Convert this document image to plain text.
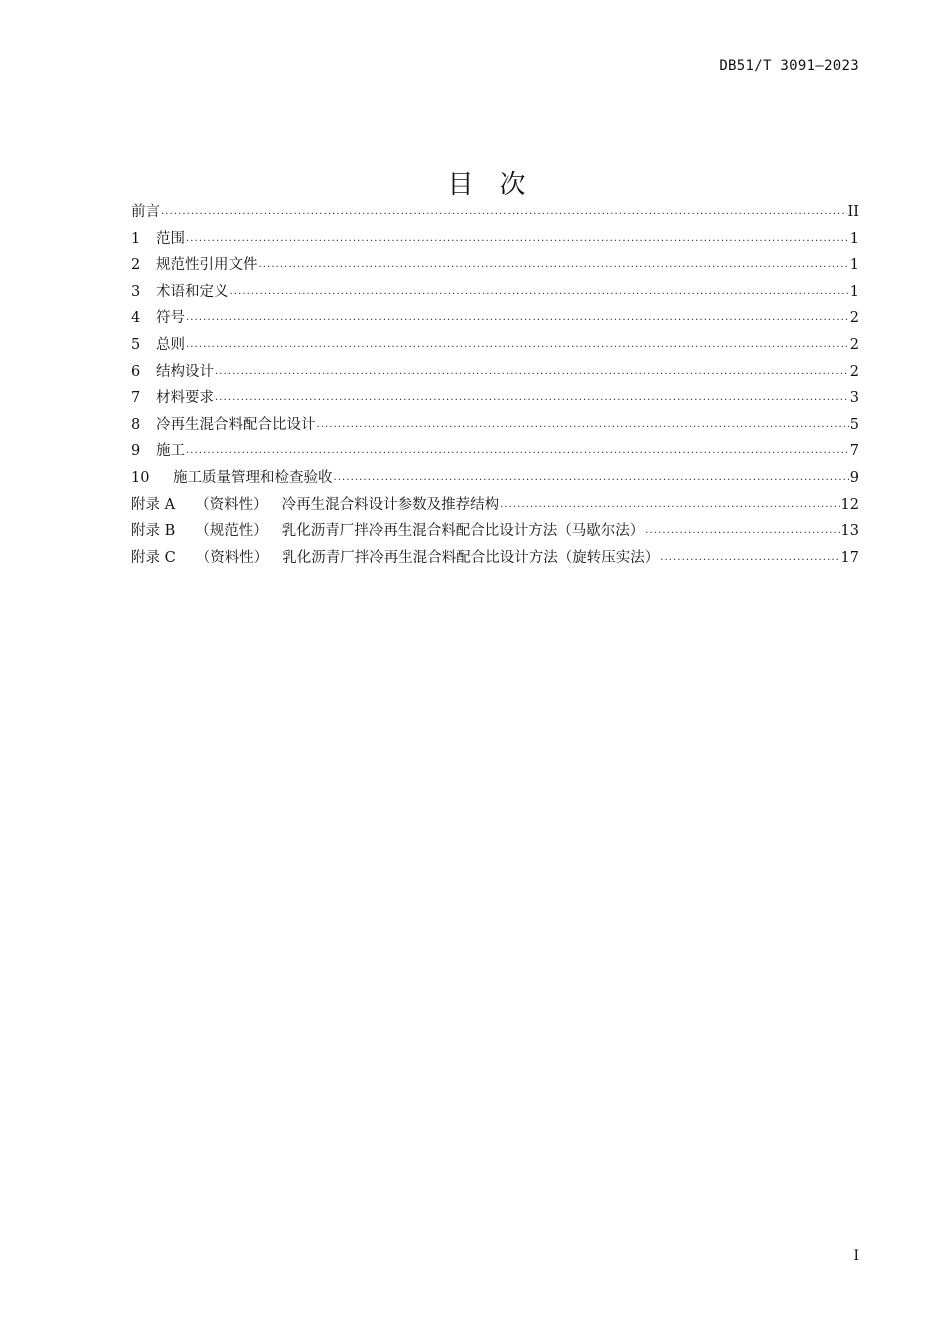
DB51/T 3091—2023
目 次
前言 .....	II
1	范围 .....	1
2	规范性引用文件 .....	1
3	术语和定义 .....	1
4	符号 .....	2
5	总则 .....	2
6	结构设计 .....	2
7	材料要求 .....	3
8	冷再生混合料配合比设计 .....	5
9	施工 .....	7
10	施工质量管理和检查验收 .....	9
附录 A （资料性） 冷再生混合料设计参数及推荐结构 .....	12
附录 B （规范性） 乳化沥青厂拌冷再生混合料配合比设计方法（马歇尔法） .....	13
附录 C （资料性） 乳化沥青厂拌冷再生混合料配合比设计方法（旋转压实法） .....	17
I
